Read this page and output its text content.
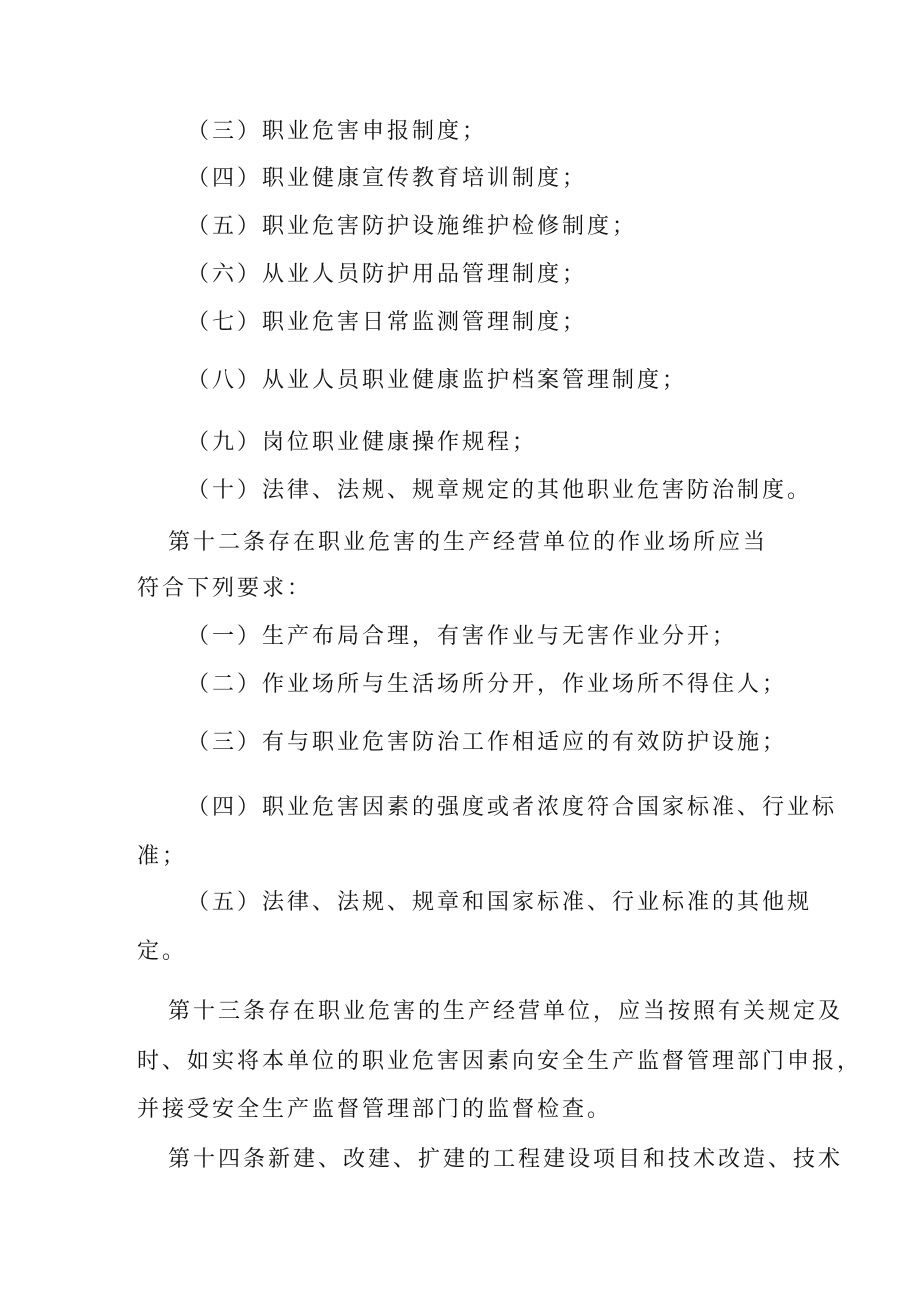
（三）职业危害申报制度；

（四）职业健康宣传教育培训制度；

（五）职业危害防护设施维护检修制度；

（六）从业人员防护用品管理制度；

（七）职业危害日常监测管理制度；

（八）从业人员职业健康监护档案管理制度；

（九）岗位职业健康操作规程；

（十）法律、法规、规章规定的其他职业危害防治制度。

第十二条存在职业危害的生产经营单位的作业场所应当

符合下列要求：

（一）生产布局合理，有害作业与无害作业分开；

（二）作业场所与生活场所分开，作业场所不得住人；

（三）有与职业危害防治工作相适应的有效防护设施；

（四）职业危害因素的强度或者浓度符合国家标准、行业标

准；

（五）法律、法规、规章和国家标准、行业标准的其他规

定。

第十三条存在职业危害的生产经营单位，应当按照有关规定及

时、如实将本单位的职业危害因素向安全生产监督管理部门申报，

并接受安全生产监督管理部门的监督检查。

第十四条新建、改建、扩建的工程建设项目和技术改造、技术
